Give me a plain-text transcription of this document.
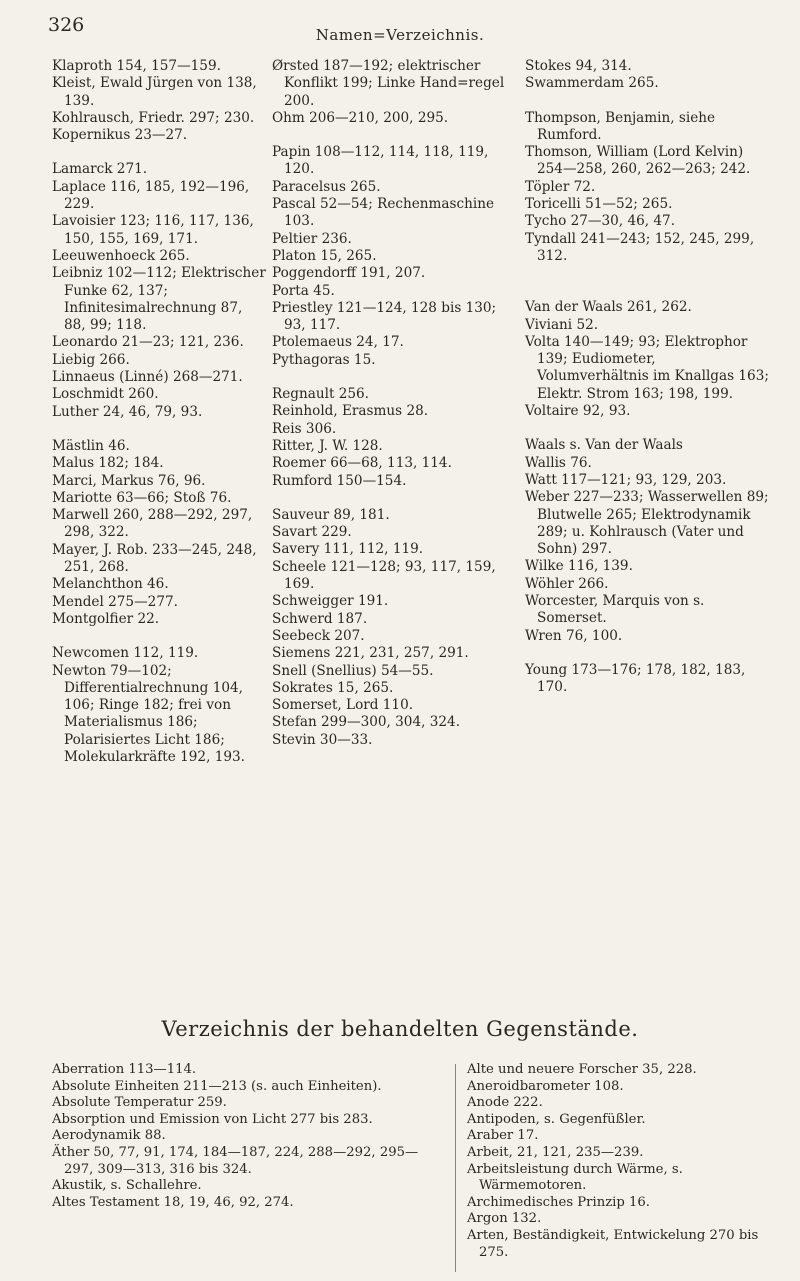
326	Namen=Verzeichnis.
Klaproth 154, 157—159.
Kleist, Ewald Jürgen von 138, 139.
Kohlrausch, Friedr. 297; 230.
Kopernikus 23—27.
Lamarck 271.
Laplace 116, 185, 192—196, 229.
Lavoisier 123; 116, 117, 136, 150, 155, 169, 171.
Leeuwenhoeck 265.
Leibniz 102—112; Elektrischer Funke 62, 137; Infinitesimalrechnung 87, 88, 99; 118.
Leonardo 21—23; 121, 236.
Liebig 266.
Linnaeus (Linné) 268—271.
Loschmidt 260.
Luther 24, 46, 79, 93.
Mästlin 46.
Malus 182; 184.
Marci, Markus 76, 96.
Mariotte 63—66; Stoß 76.
Marwell 260, 288—292, 297, 298, 322.
Mayer, J. Rob. 233—245, 248, 251, 268.
Melanchthon 46.
Mendel 275—277.
Montgolfier 22.
Newcomen 112, 119.
Newton 79—102; Differentialrechnung 104, 106; Ringe 182; frei von Materialismus 186; Polarisiertes Licht 186; Molekularkräfte 192, 193.
Ørsted 187—192; elektrischer Konflikt 199; Linke Hand=regel 200.
Ohm 206—210, 200, 295.
Papin 108—112, 114, 118, 119, 120.
Paracelsus 265.
Pascal 52—54; Rechenmaschine 103.
Peltier 236.
Platon 15, 265.
Poggendorff 191, 207.
Porta 45.
Priestley 121—124, 128 bis 130; 93, 117.
Ptolemaeus 24, 17.
Pythagoras 15.
Regnault 256.
Reinhold, Erasmus 28.
Reis 306.
Ritter, J. W. 128.
Roemer 66—68, 113, 114.
Rumford 150—154.
Sauveur 89, 181.
Savart 229.
Savery 111, 112, 119.
Scheele 121—128; 93, 117, 159, 169.
Schweigger 191.
Schwerd 187.
Seebeck 207.
Siemens 221, 231, 257, 291.
Snell (Snellius) 54—55.
Sokrates 15, 265.
Somerset, Lord 110.
Stefan 299—300, 304, 324.
Stevin 30—33.
Stokes 94, 314.
Swammerdam 265.
Thompson, Benjamin, siehe Rumford.
Thomson, William (Lord Kelvin) 254—258, 260, 262—263; 242.
Töpler 72.
Toricelli 51—52; 265.
Tycho 27—30, 46, 47.
Tyndall 241—243; 152, 245, 299, 312.
Van der Waals 261, 262.
Viviani 52.
Volta 140—149; 93; Elektrophor 139; Eudiometer, Volumverhältnis im Knallgas 163; Elektr. Strom 163; 198, 199.
Voltaire 92, 93.
Waals s. Van der Waals
Wallis 76.
Watt 117—121; 93, 129, 203.
Weber 227—233; Wasserwellen 89; Blutwelle 265; Elektrodynamik 289; u. Kohlrausch (Vater und Sohn) 297.
Wilke 116, 139.
Wöhler 266.
Worcester, Marquis von s. Somerset.
Wren 76, 100.
Young 173—176; 178, 182, 183, 170.
Verzeichnis der behandelten Gegenstände.
Aberration 113—114.
Absolute Einheiten 211—213 (s. auch Einheiten).
Absolute Temperatur 259.
Absorption und Emission von Licht 277 bis 283.
Aerodynamik 88.
Äther 50, 77, 91, 174, 184—187, 224, 288—292, 295—297, 309—313, 316 bis 324.
Akustik, s. Schallehre.
Altes Testament 18, 19, 46, 92, 274.
Alte und neuere Forscher 35, 228.
Aneroidbarometer 108.
Anode 222.
Antipoden, s. Gegenfüßler.
Araber 17.
Arbeit, 21, 121, 235—239.
Arbeitsleistung durch Wärme, s. Wärmemotoren.
Archimedisches Prinzip 16.
Argon 132.
Arten, Beständigkeit, Entwickelung 270 bis 275.
